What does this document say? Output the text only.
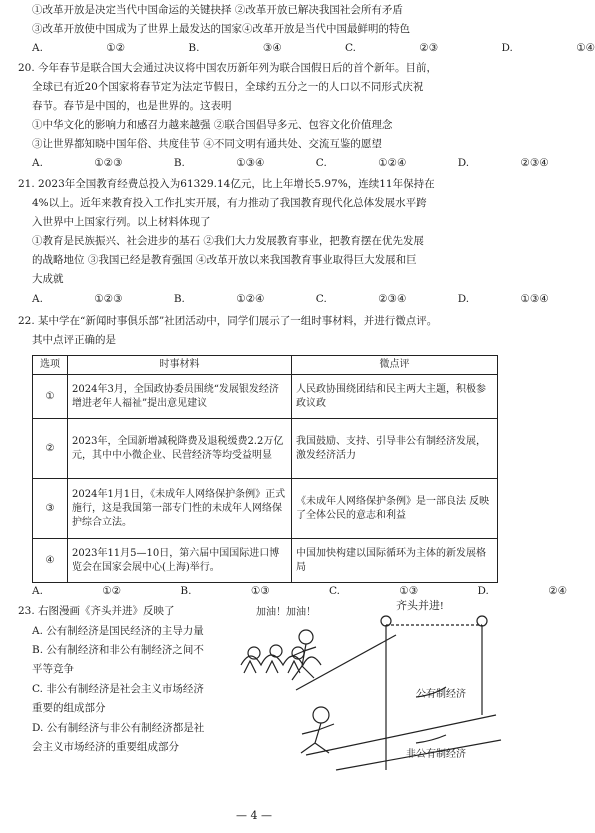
①改革开放是决定当代中国命运的关键抉择 ②改革开放已解决我国社会所有矛盾
③改革开放使中国成为了世界上最发达的国家④改革开放是当代中国最鲜明的特色
A. ①② B. ③④ C. ②③ D. ①④
20. 今年春节是联合国大会通过决议将中国农历新年列为联合国假日后的首个新年。目前，
全球已有近20个国家将春节定为法定节假日，全球约五分之一的人口以不同形式庆祝
春节。春节是中国的，也是世界的。这表明
①中华文化的影响力和感召力越来越强 ②联合国倡导多元、包容文化价值理念
③让世界都知晓中国年俗、共度佳节 ④不同文明有通共处、交流互鉴的愿望
A. ①②③ B. ①③④ C. ①②④ D. ②③④
21. 2023年全国教育经费总投入为61329.14亿元，比上年增长5.97%，连续11年保持在
4%以上。近年来教育投入工作扎实开展，有力推动了我国教育现代化总体发展水平跨
入世界中上国家行列。以上材料体现了
①教育是民族振兴、社会进步的基石 ②我们大力发展教育事业，把教育摆在优先发展
的战略地位 ③我国已经是教育强国 ④改革开放以来我国教育事业取得巨大发展和巨
大成就
A. ①②③ B. ①②④ C. ②③④ D. ①③④
22. 某中学在“新闻时事俱乐部”社团活动中，同学们展示了一组时事材料，并进行微点评。
其中点评正确的是
选项	时事材料	微点评
①	2024年3月，全国政协委员围绕“发展银发经济增进老年人福祉”提出意见建议	人民政协围绕团结和民主两大主题，积极参政议政
②	2023年，全国新增减税降费及退税缓费2.2万亿元，其中中小微企业、民营经济等均受益明显	我国鼓励、支持、引导非公有制经济发展，激发经济活力
③	2024年1月1日，《未成年人网络保护条例》正式施行，这是我国第一部专门性的未成年人网络保护综合立法。	《未成年人网络保护条例》是一部良法 反映了全体公民的意志和利益
④	2023年11月5—10日，第六届中国国际进口博览会在国家会展中心(上海)举行。	中国加快构建以国际循环为主体的新发展格局
A. ①② B. ①③ C. ①③ D. ②④
23. 右图漫画《齐头并进》反映了
A. 公有制经济是国民经济的主导力量
B. 公有制经济和非公有制经济之间不
平等竞争
C. 非公有制经济是社会主义市场经济
重要的组成部分
D. 公有制经济与非公有制经济都是社
会主义市场经济的重要组成部分
加油！加油！
齐头并进!
公有制经济
非公有制经济
— 4 —
